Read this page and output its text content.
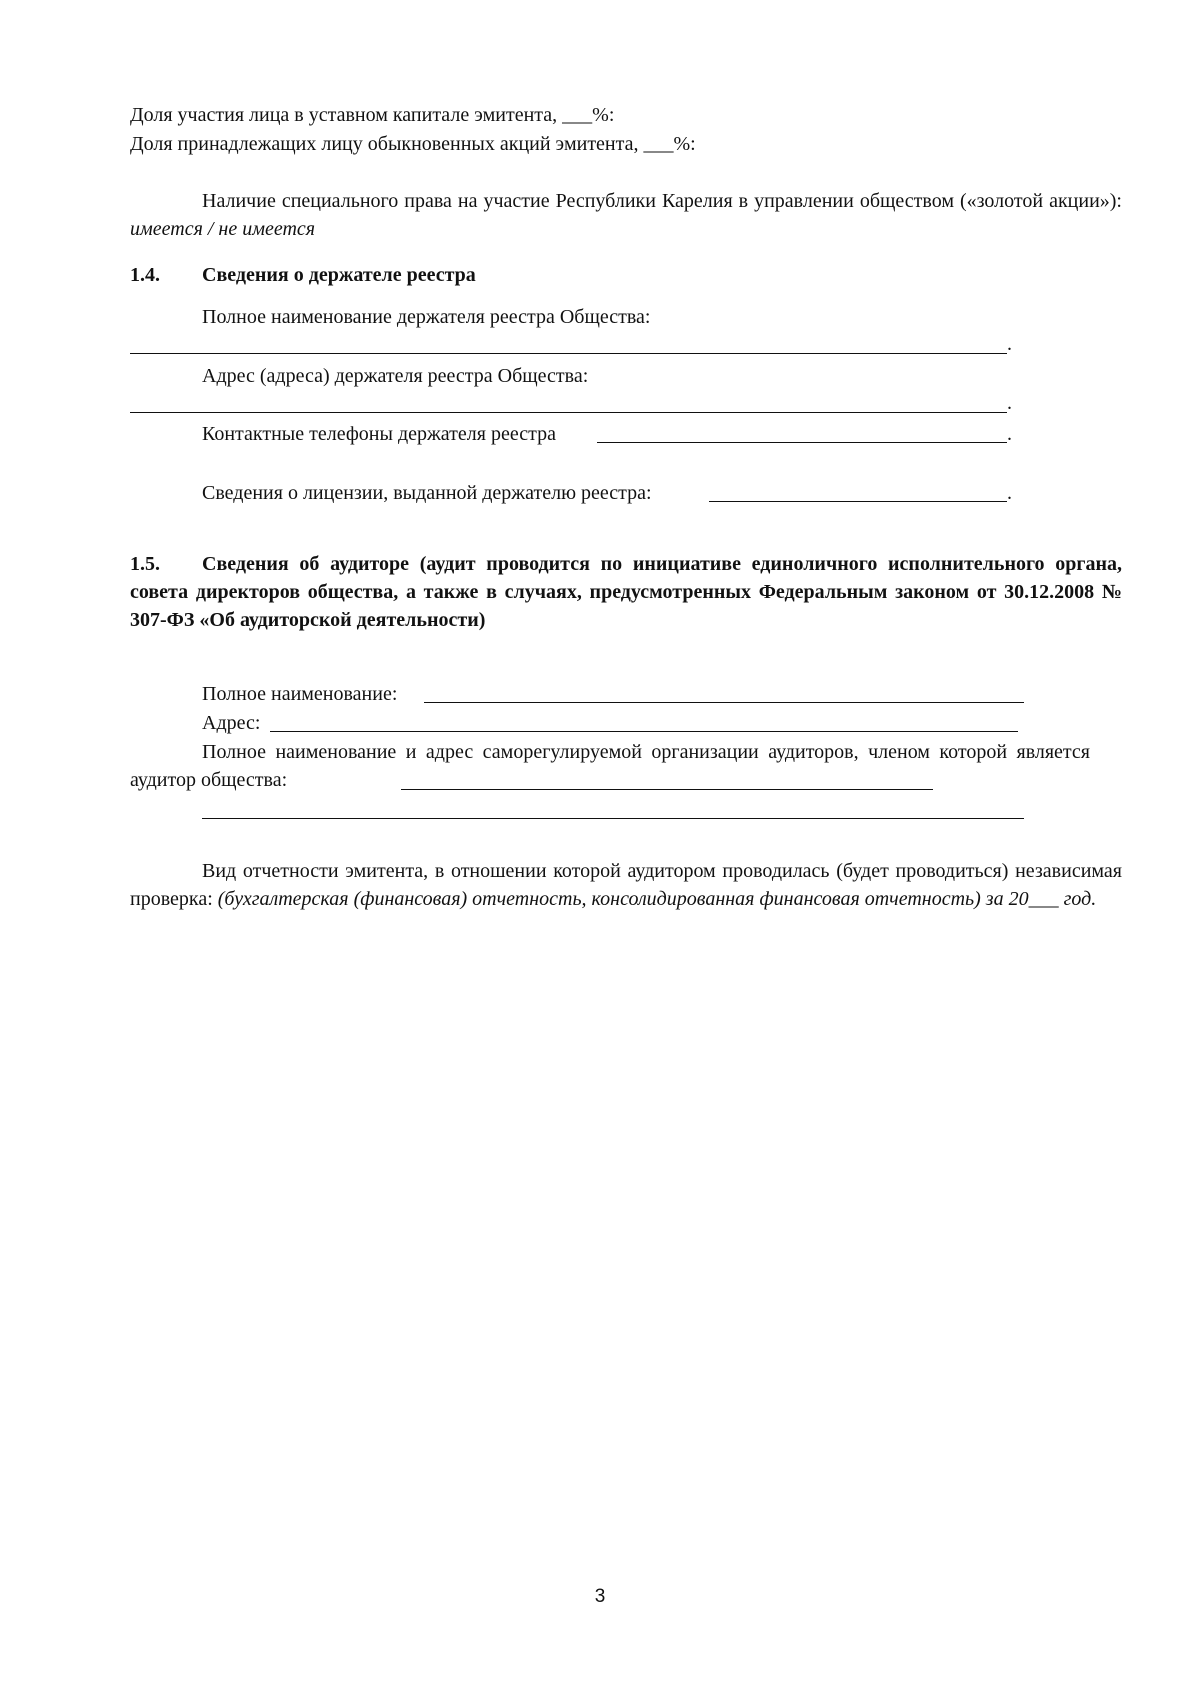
Доля участия лица в уставном капитале эмитента, ___%:
Доля принадлежащих лицу обыкновенных акций эмитента, ___%:
Наличие специального права на участие Республики Карелия в управлении обществом («золотой акции»): имеется / не имеется
1.4. Сведения о держателе реестра
Полное наименование держателя реестра Общества:
.
Адрес (адреса) держателя реестра Общества:
.
Контактные телефоны держателя реестра	.
Сведения о лицензии, выданной держателю реестра:	.
1.5. Сведения об аудиторе (аудит проводится по инициативе единоличного исполнительного органа, совета директоров общества, а также в случаях, предусмотренных Федеральным законом от 30.12.2008 № 307-ФЗ «Об аудиторской деятельности)
Полное наименование:
Адрес:
Полное наименование и адрес саморегулируемой организации аудиторов, членом которой является аудитор общества:
Вид отчетности эмитента, в отношении которой аудитором проводилась (будет проводиться) независимая проверка: (бухгалтерская (финансовая) отчетность, консолидированная финансовая отчетность) за 20___ год.
3
